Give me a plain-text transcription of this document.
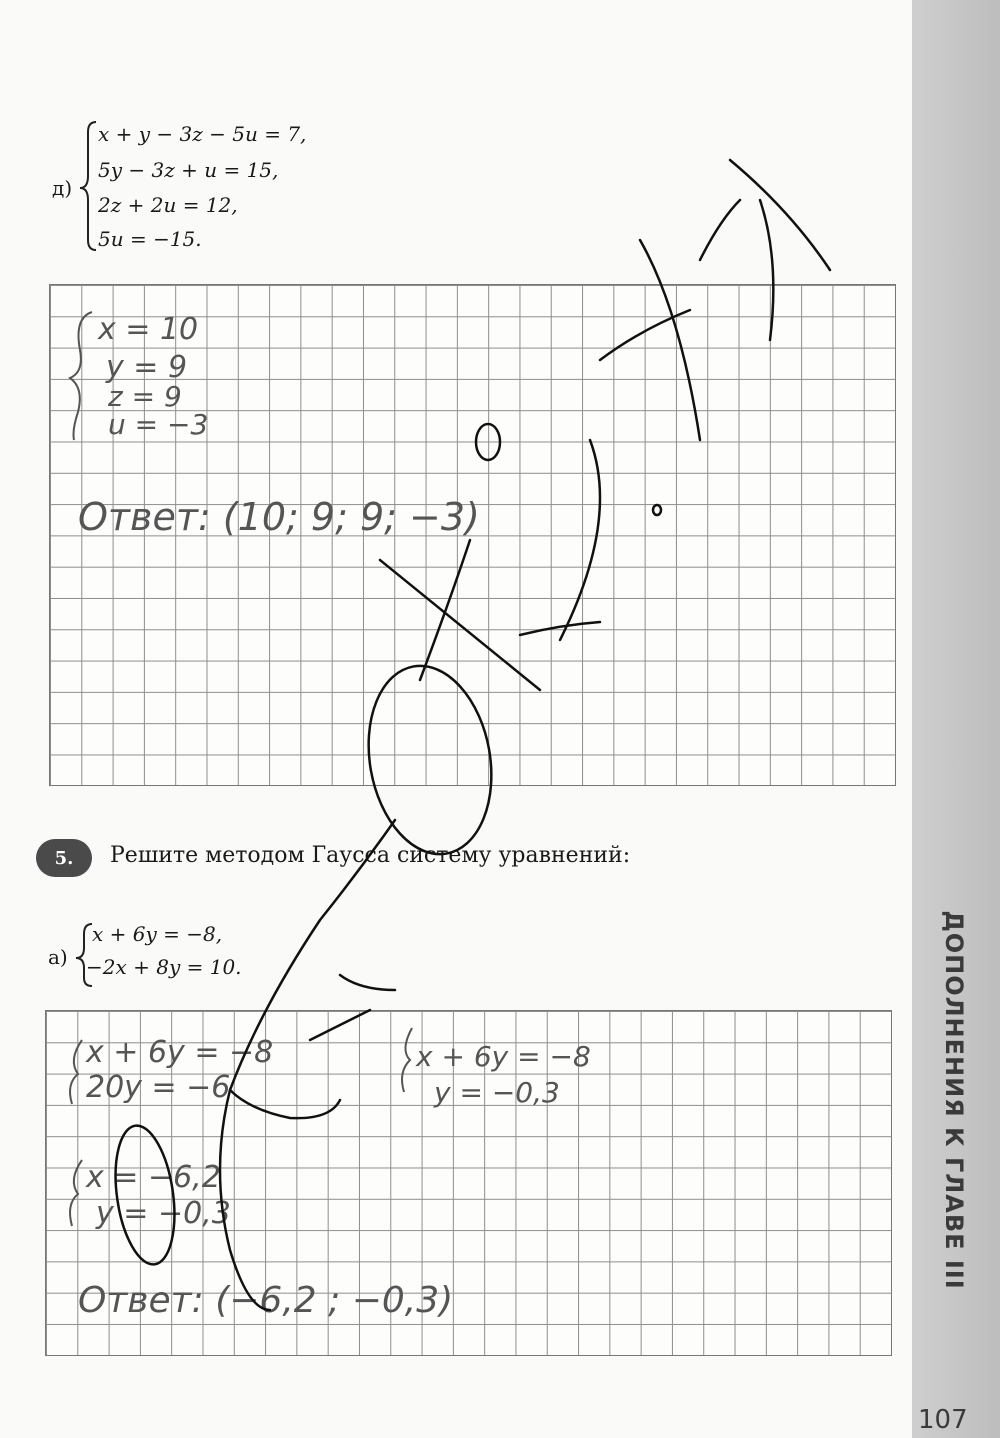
ДОПОЛНЕНИЯ К ГЛАВЕ III
107
д)
x + y − 3z − 5u = 7,
5y − 3z + u = 15,
2z + 2u = 12,
5u = −15.
x = 10
y = 9
z = 9
u = −3
Ответ: (10; 9; 9; −3)
5.	Решите методом Гаусса систему уравнений:
а)
x + 6y = −8,
−2x + 8y = 10.
x + 6y = −8
20y = −6
x + 6y = −8
y = −0,3
x = −6,2
y = −0,3
Ответ: (−6,2 ; −0,3)
